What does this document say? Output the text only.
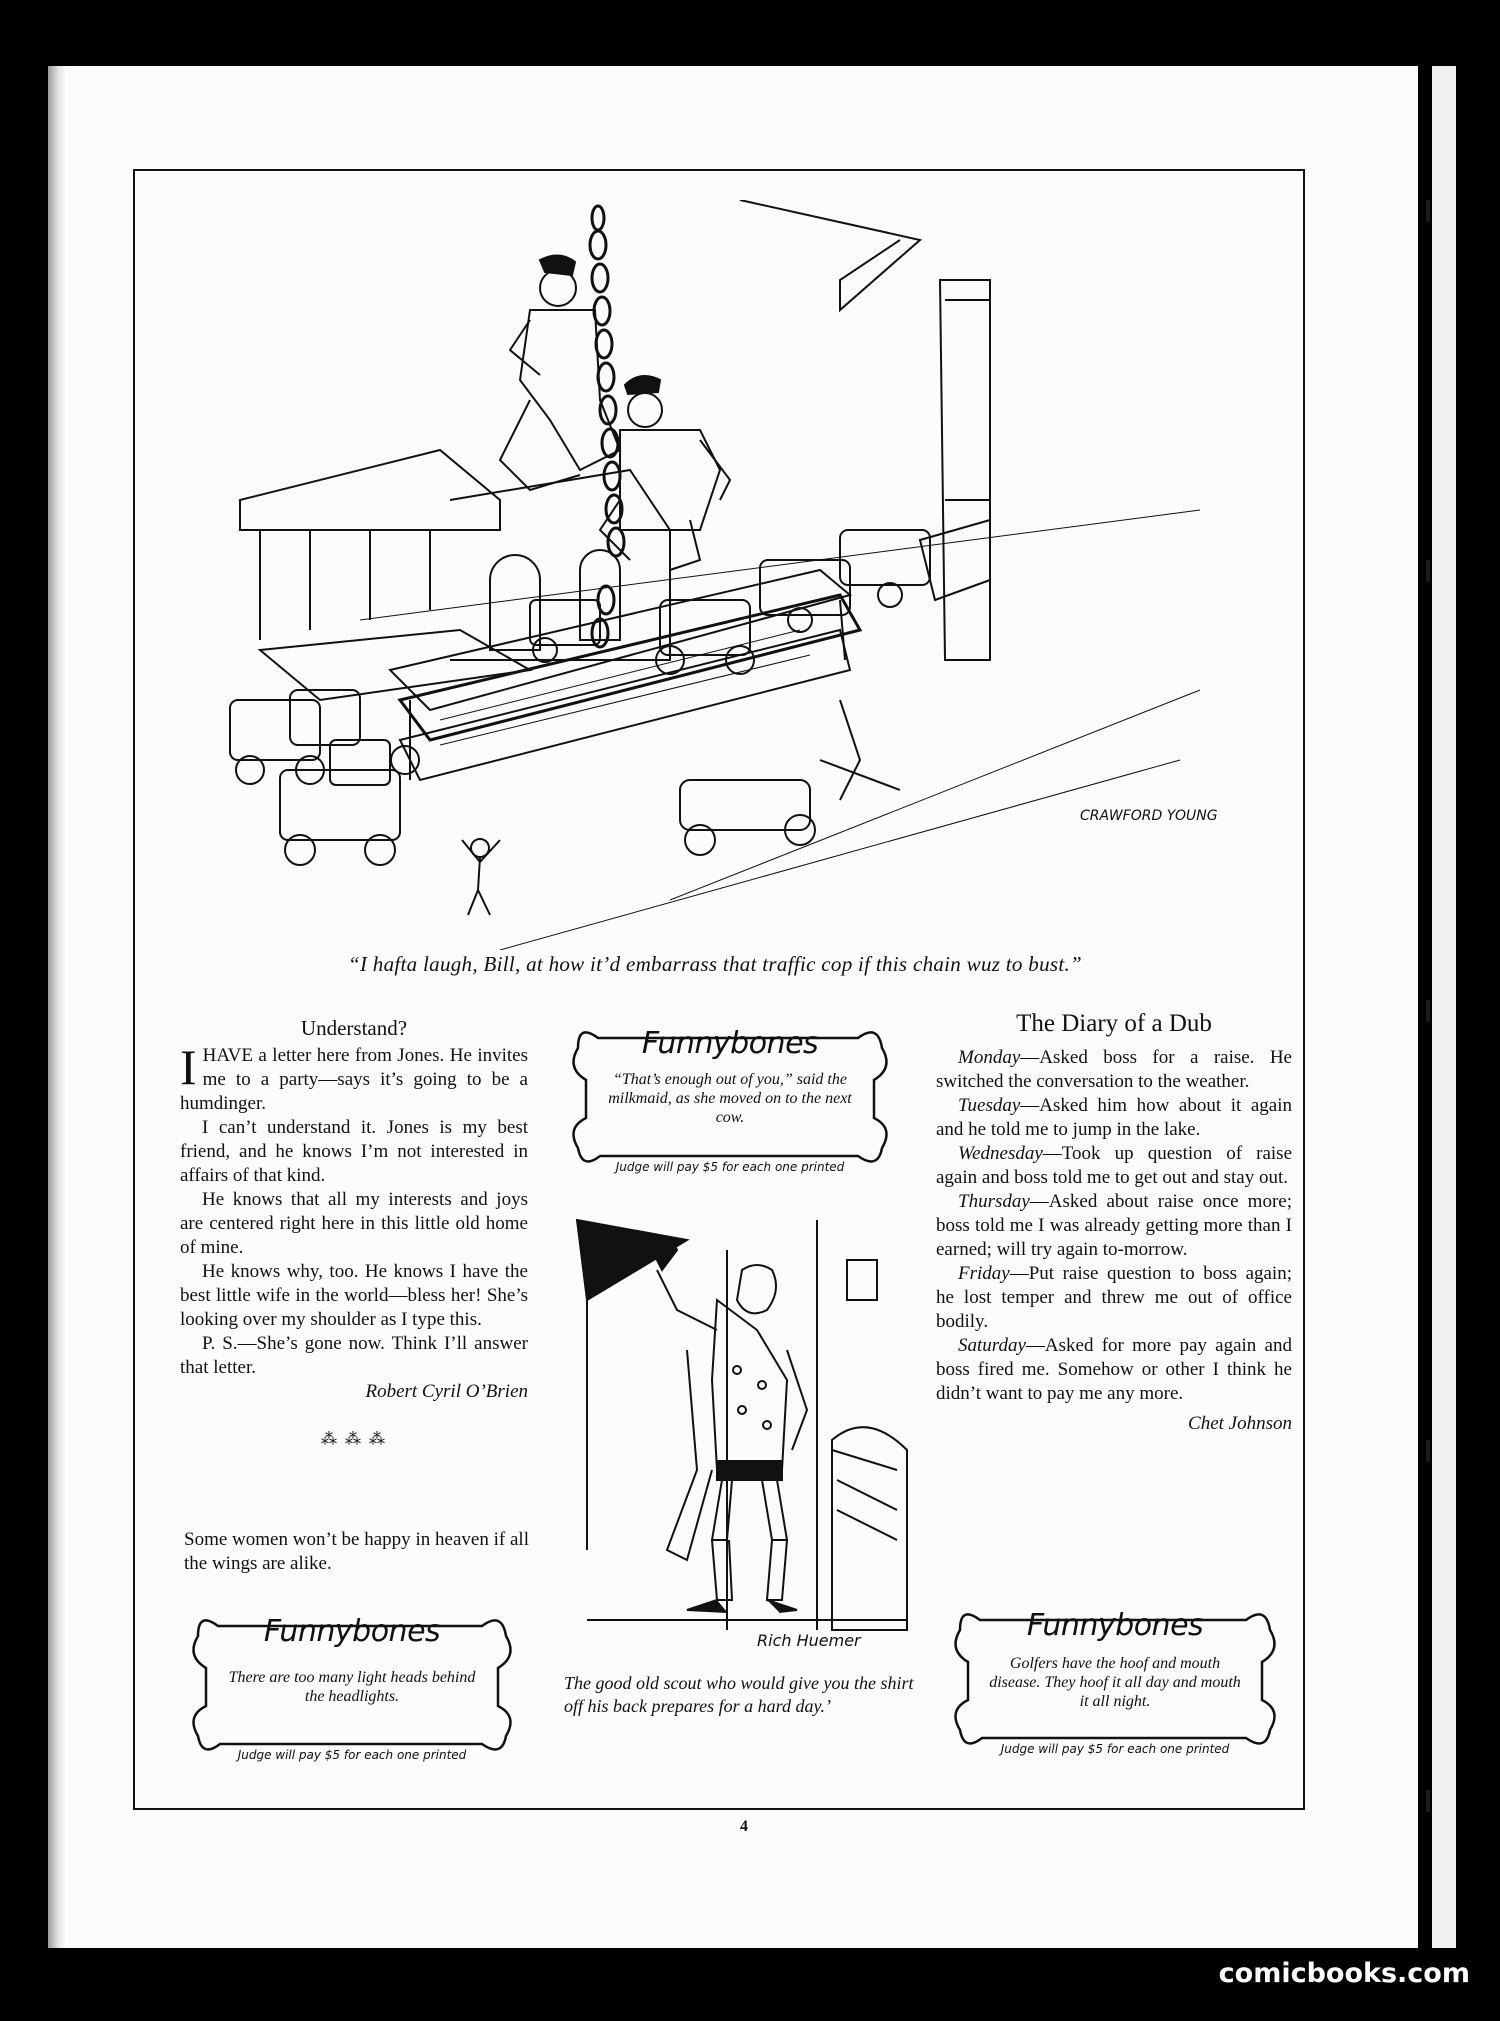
CRAWFORD YOUNG
“I hafta laugh, Bill, at how it’d embarrass that traffic cop if this chain wuz to bust.”
Understand?

IHAVE a letter here from Jones. He invites me to a party—says it’s going to be a humdinger.

I can’t understand it. Jones is my best friend, and he knows I’m not interested in affairs of that kind.

He knows that all my interests and joys are centered right here in this little old home of mine.

He knows why, too. He knows I have the best little wife in the world—bless her! She’s looking over my shoulder as I type this.

P. S.—She’s gone now. Think I’ll answer that letter.

Robert Cyril O’Brien

⁂ ⁂ ⁂
Some women won’t be happy in heaven if all the wings are alike.
Funnybones
“That’s enough out of you,” said the milkmaid, as she moved on to the next cow.
Judge will pay $5 for each one printed
Rich Huemer
The good old scout who would give you the shirt off his back prepares for a hard day.’
The Diary of a Dub

Monday—Asked boss for a raise. He switched the conversation to the weather.

Tuesday—Asked him how about it again and he told me to jump in the lake.

Wednesday—Took up question of raise again and boss told me to get out and stay out.

Thursday—Asked about raise once more; boss told me I was already getting more than I earned; will try again to-morrow.

Friday—Put raise question to boss again; he lost temper and threw me out of office bodily.

Saturday—Asked for more pay again and boss fired me. Somehow or other I think he didn’t want to pay me any more.

Chet Johnson

Funnybones
There are too many light heads behind the headlights.
Judge will pay $5 for each one printed
Funnybones
Golfers have the hoof and mouth disease. They hoof it all day and mouth it all night.
Judge will pay $5 for each one printed
4
comicbooks.com
